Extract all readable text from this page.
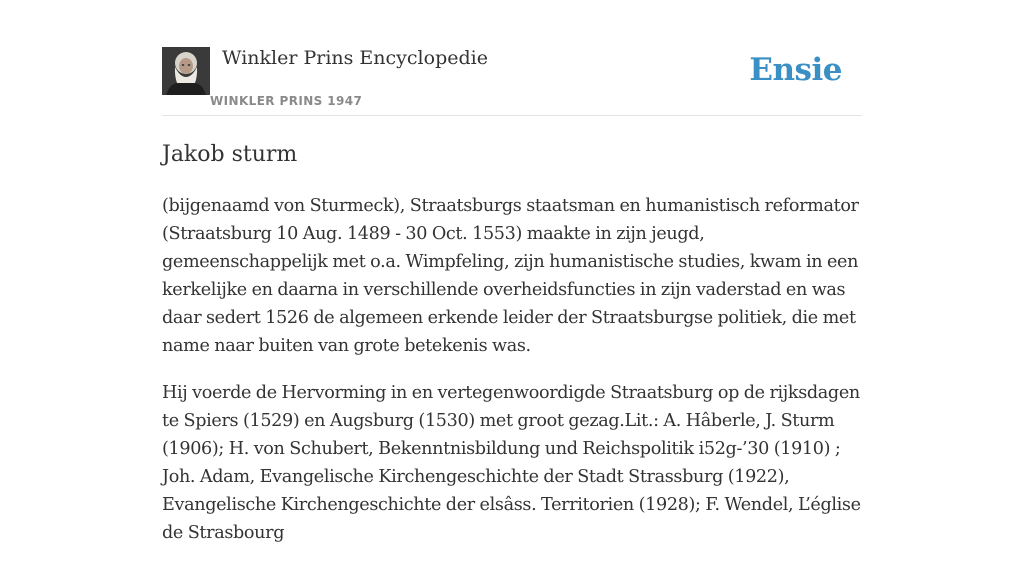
Winkler Prins Encyclopedie
WINKLER PRINS 1947
Ensie
Jakob sturm

(bijgenaamd von Sturmeck), Straatsburgs staatsman en humanistisch reformator (Straatsburg 10 Aug. 1489 - 30 Oct. 1553) maakte in zijn jeugd, gemeenschappelijk met o.a. Wimpfeling, zijn humanistische studies, kwam in een kerkelijke en daarna in verschillende overheidsfuncties in zijn vaderstad en was daar sedert 1526 de algemeen erkende leider der Straatsburgse politiek, die met name naar buiten van grote betekenis was.

Hij voerde de Hervorming in en vertegenwoordigde Straatsburg op de rijksdagen te Spiers (1529) en Augsburg (1530) met groot gezag.Lit.: A. Hâberle, J. Sturm (1906); H. von Schubert, Bekenntnisbildung und Reichspolitik i52g-’30 (1910) ; Joh. Adam, Evangelische Kirchengeschichte der Stadt Strassburg (1922), Evangelische Kirchengeschichte der elsâss. Territorien (1928); F. Wendel, L’église de Strasbourg
